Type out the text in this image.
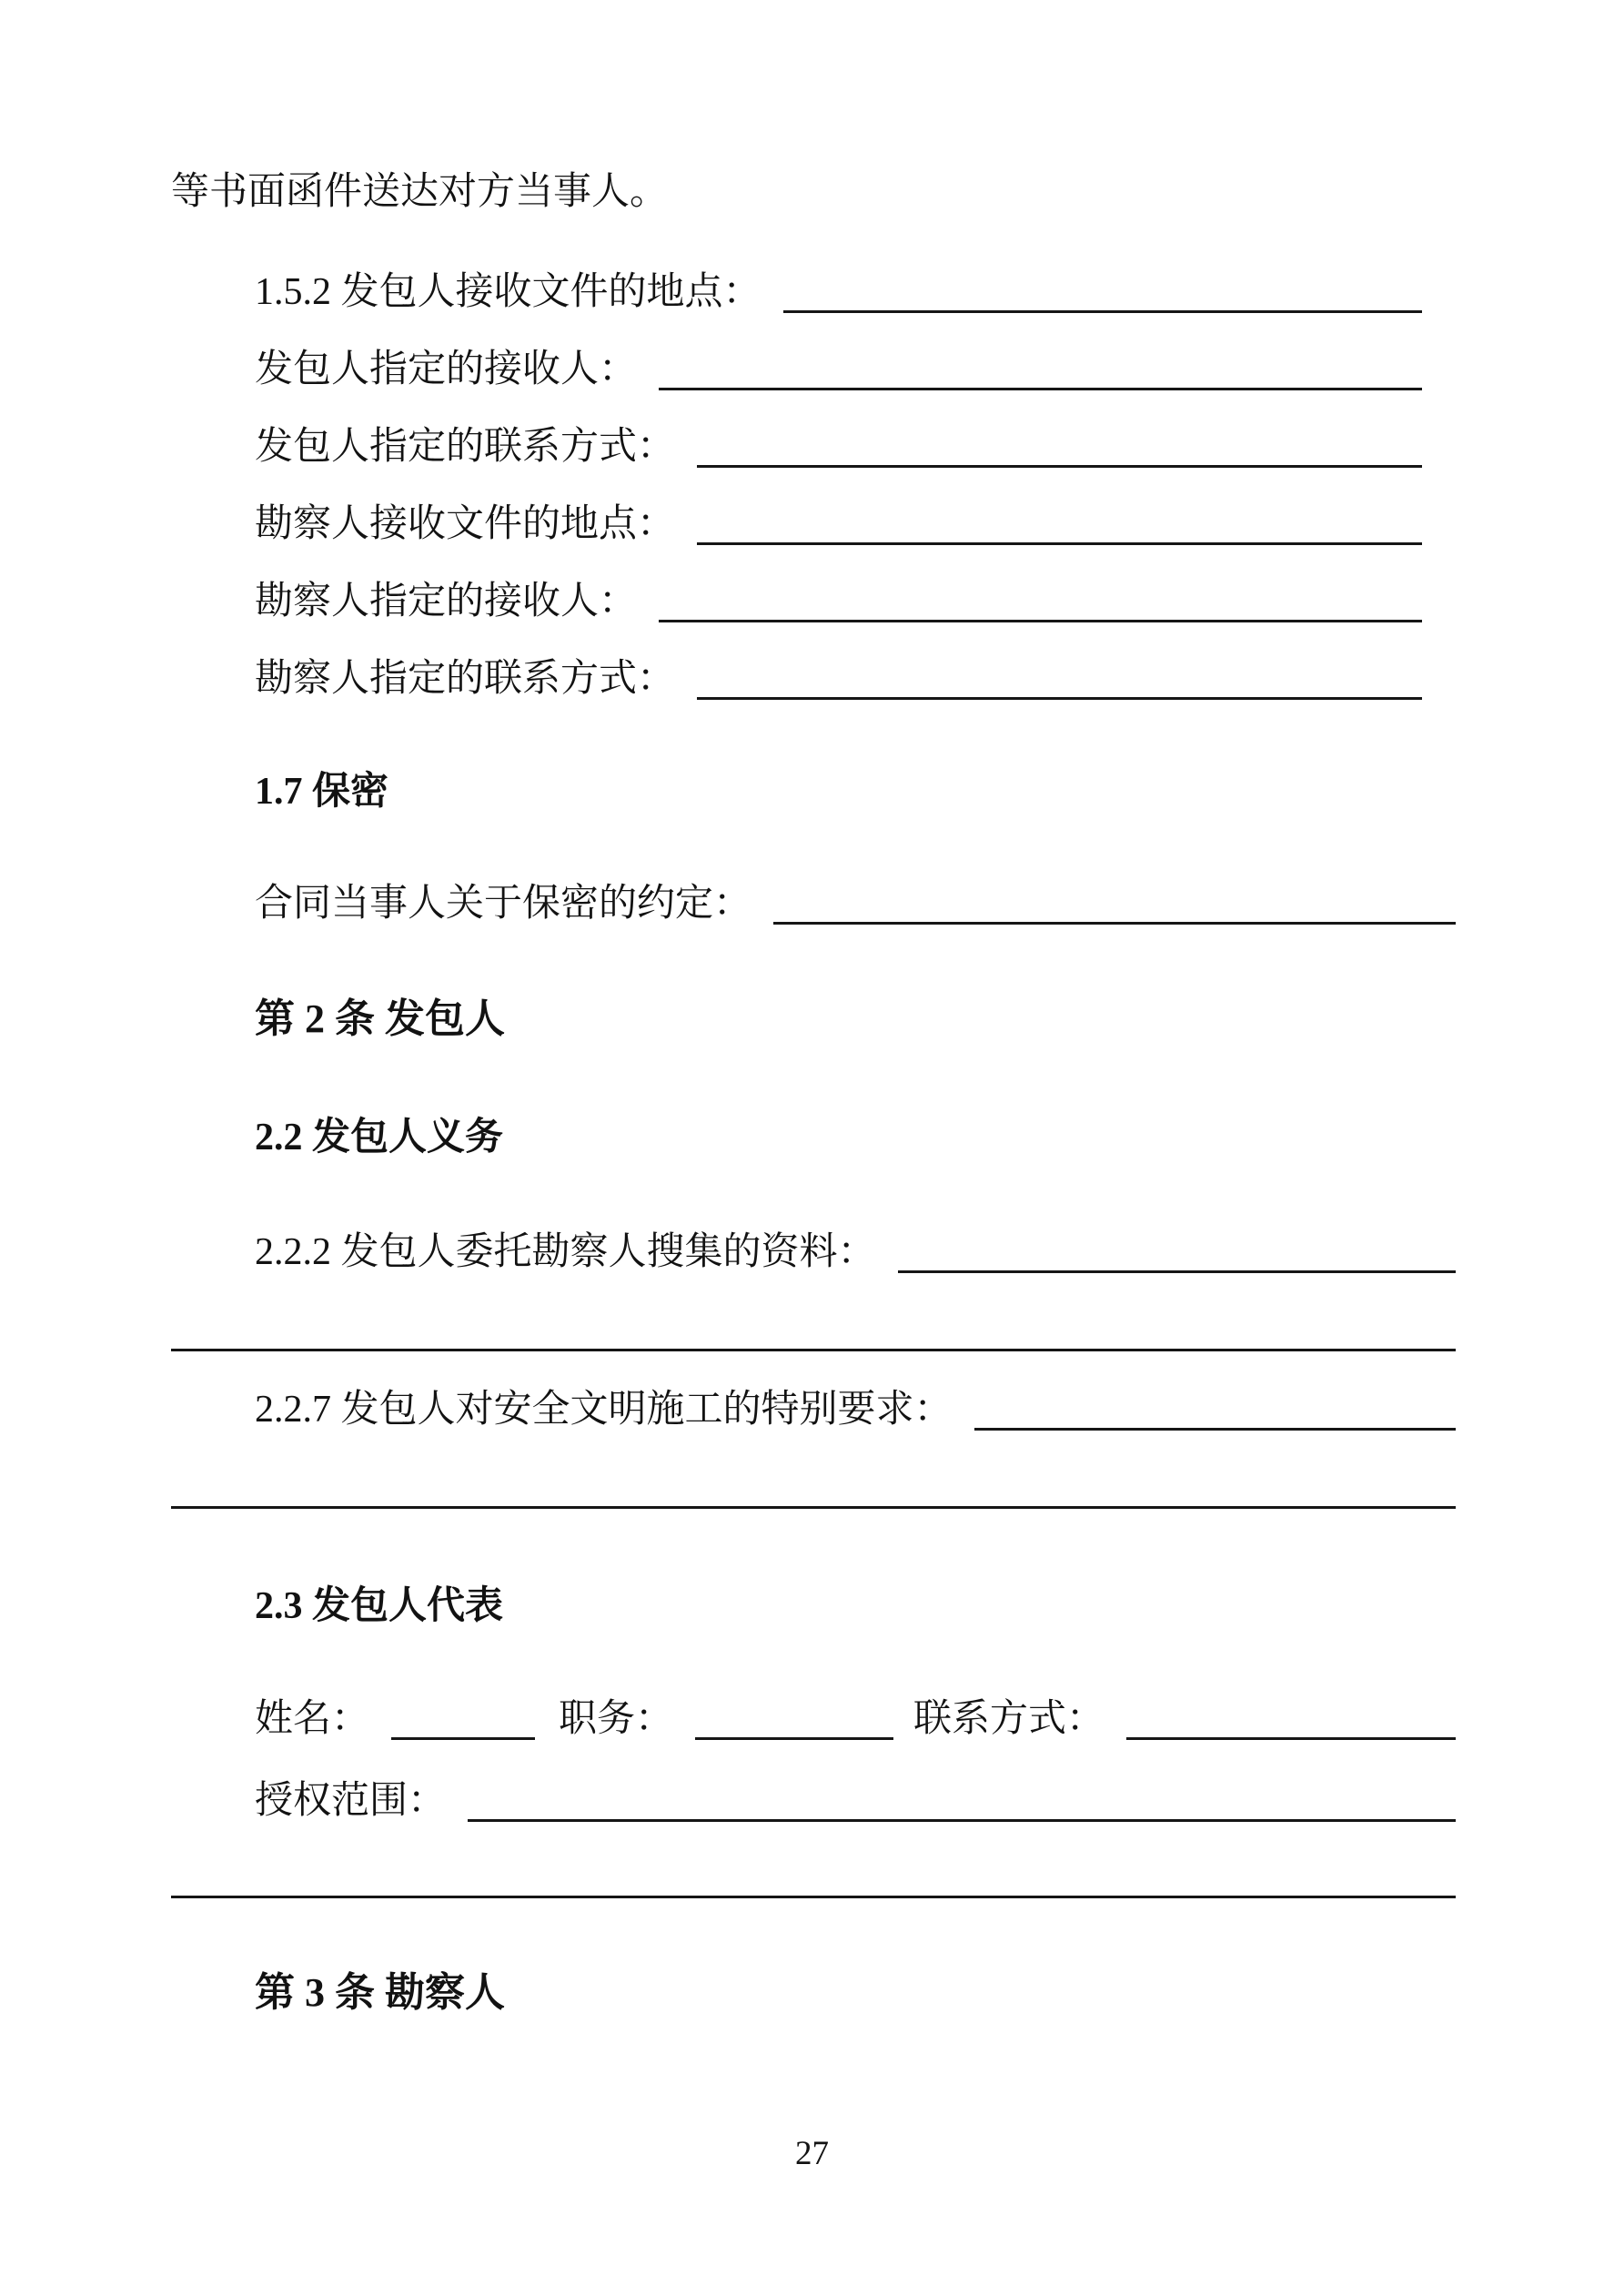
等书面函件送达对方当事人。
1.5.2 发包人接收文件的地点：
发包人指定的接收人：
发包人指定的联系方式：
勘察人接收文件的地点：
勘察人指定的接收人：
勘察人指定的联系方式：
1.7 保密
合同当事人关于保密的约定：
第 2 条 发包人
2.2 发包人义务
2.2.2 发包人委托勘察人搜集的资料：
2.2.7 发包人对安全文明施工的特别要求：
2.3 发包人代表
姓名：	职务：	联系方式：
授权范围：
第 3 条 勘察人
27
